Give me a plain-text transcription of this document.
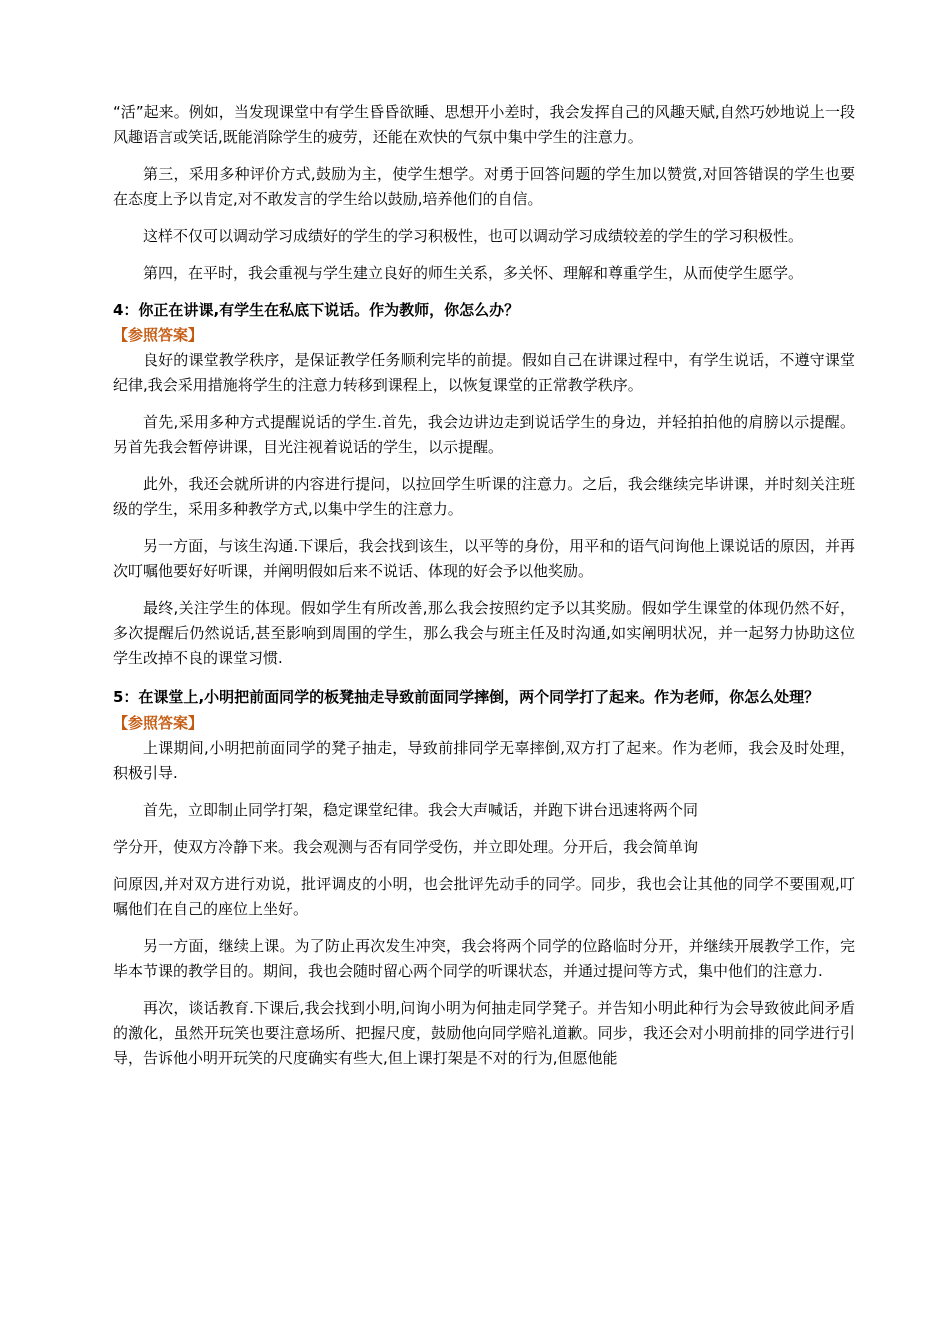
“活”起来。例如，当发现课堂中有学生昏昏欲睡、思想开小差时，我会发挥自己的风趣天赋,自然巧妙地说上一段风趣语言或笑话,既能消除学生的疲劳，还能在欢快的气氛中集中学生的注意力。

第三，采用多种评价方式,鼓励为主，使学生想学。对勇于回答问题的学生加以赞赏,对回答错误的学生也要在态度上予以肯定,对不敢发言的学生给以鼓励,培养他们的自信。

这样不仅可以调动学习成绩好的学生的学习积极性，也可以调动学习成绩较差的学生的学习积极性。

第四，在平时，我会重视与学生建立良好的师生关系，多关怀、理解和尊重学生，从而使学生愿学。

4：你正在讲课,有学生在私底下说话。作为教师，你怎么办？

【参照答案】

良好的课堂教学秩序，是保证教学任务顺利完毕的前提。假如自己在讲课过程中，有学生说话，不遵守课堂纪律,我会采用措施将学生的注意力转移到课程上，以恢复课堂的正常教学秩序。

首先,采用多种方式提醒说话的学生.首先，我会边讲边走到说话学生的身边，并轻拍拍他的肩膀以示提醒。另首先我会暂停讲课，目光注视着说话的学生，以示提醒。

此外，我还会就所讲的内容进行提问，以拉回学生听课的注意力。之后，我会继续完毕讲课，并时刻关注班级的学生，采用多种教学方式,以集中学生的注意力。

另一方面，与该生沟通.下课后，我会找到该生，以平等的身份，用平和的语气问询他上课说话的原因，并再次叮嘱他要好好听课，并阐明假如后来不说话、体现的好会予以他奖励。

最终,关注学生的体现。假如学生有所改善,那么我会按照约定予以其奖励。假如学生课堂的体现仍然不好，多次提醒后仍然说话,甚至影响到周围的学生，那么我会与班主任及时沟通,如实阐明状况，并一起努力协助这位学生改掉不良的课堂习惯.

5：在课堂上,小明把前面同学的板凳抽走导致前面同学摔倒，两个同学打了起来。作为老师，你怎么处理？

【参照答案】

上课期间,小明把前面同学的凳子抽走，导致前排同学无辜摔倒,双方打了起来。作为老师，我会及时处理，积极引导.

首先，立即制止同学打架，稳定课堂纪律。我会大声喊话，并跑下讲台迅速将两个同

学分开，使双方冷静下来。我会观测与否有同学受伤，并立即处理。分开后，我会简单询

问原因,并对双方进行劝说，批评调皮的小明，也会批评先动手的同学。同步，我也会让其他的同学不要围观,叮嘱他们在自己的座位上坐好。

另一方面，继续上课。为了防止再次发生冲突，我会将两个同学的位路临时分开，并继续开展教学工作，完毕本节课的教学目的。期间，我也会随时留心两个同学的听课状态，并通过提问等方式，集中他们的注意力.

再次，谈话教育.下课后,我会找到小明,问询小明为何抽走同学凳子。并告知小明此种行为会导致彼此间矛盾的激化，虽然开玩笑也要注意场所、把握尺度，鼓励他向同学赔礼道歉。同步，我还会对小明前排的同学进行引导，告诉他小明开玩笑的尺度确实有些大,但上课打架是不对的行为,但愿他能
